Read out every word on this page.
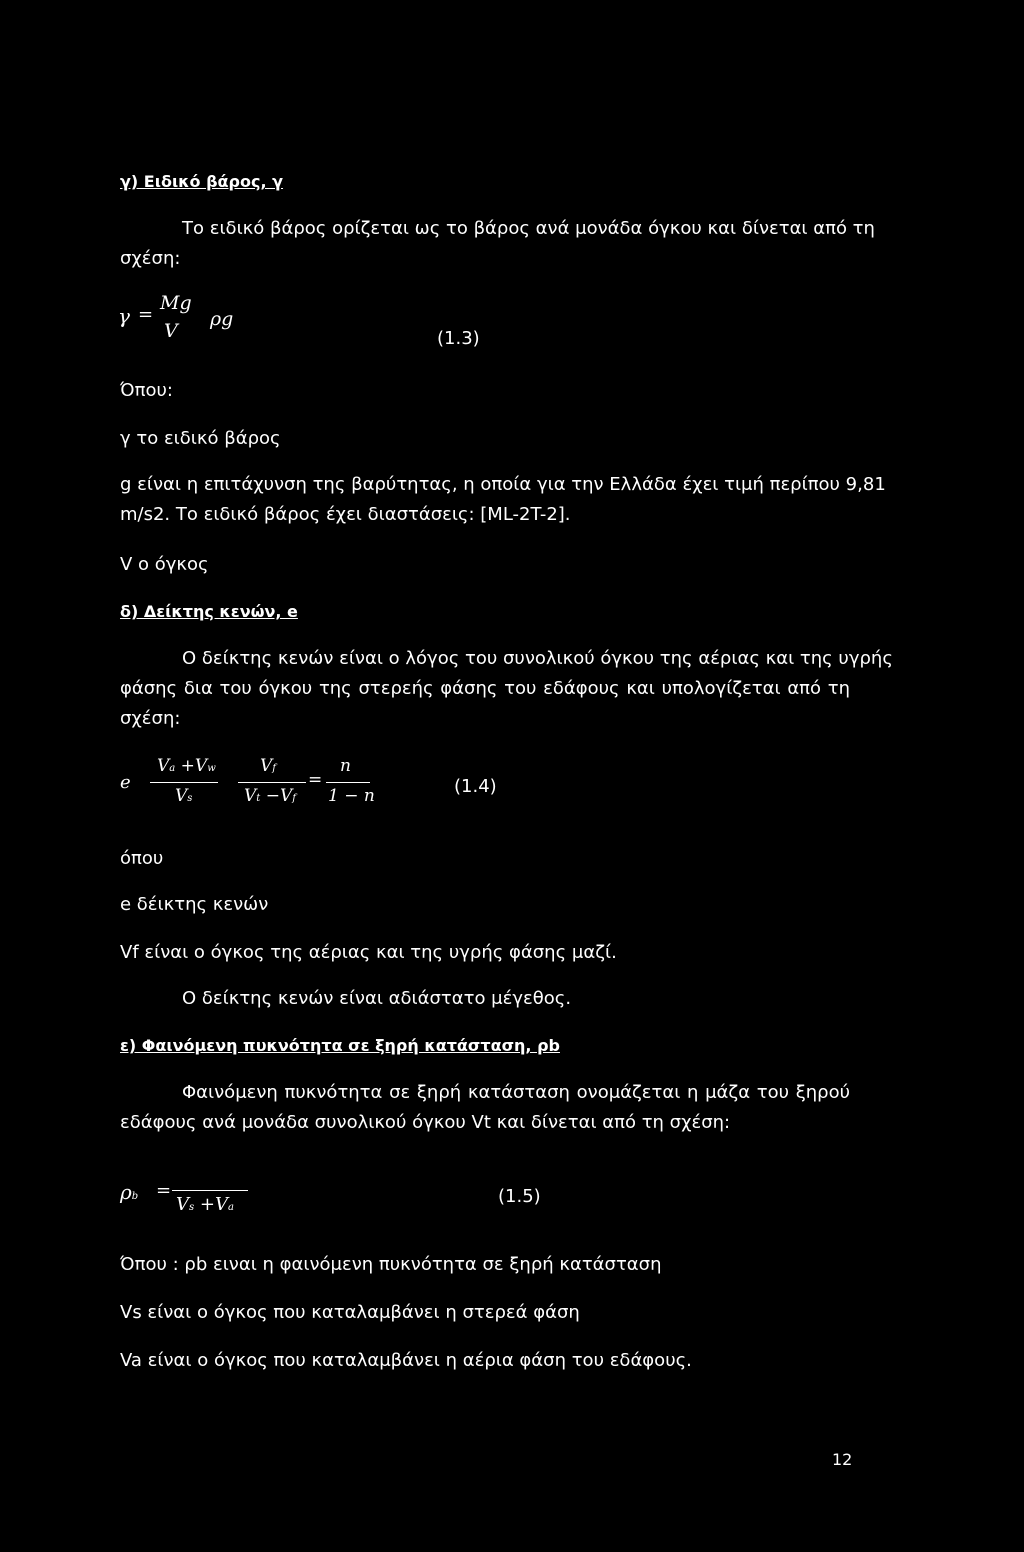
γ) Ειδικό βάρος, γ
Το ειδικό βάρος ορίζεται ως το βάρος ανά μονάδα όγκου και δίνεται από τη
σχέση:
γ =
Mg
V
ρg
(1.3)
Όπου:
γ το ειδικό βάρος
g είναι η επιτάχυνση της βαρύτητας, η οποία για την Ελλάδα έχει τιμή περίπου 9,81
m/s2. Το ειδικό βάρος έχει διαστάσεις: [ML-2T-2].
V ο όγκος
δ) Δείκτης κενών, e
Ο δείκτης κενών είναι ο λόγος του συνολικού όγκου της αέριας και της υγρής
φάσης δια του όγκου της στερεής φάσης του εδάφους και υπολογίζεται από τη
σχέση:
e
Va +Vw
Vs
Vf
Vt −Vf
=
n
1 − n	(1.4)
όπου
e δέικτης κενών
Vf είναι ο όγκος της αέριας και της υγρής φάσης μαζί.
Ο δείκτης κενών είναι αδιάστατο μέγεθος.
ε) Φαινόμενη πυκνότητα σε ξηρή κατάσταση, ρb
Φαινόμενη πυκνότητα σε ξηρή κατάσταση ονομάζεται η μάζα του ξηρού
εδάφους ανά μονάδα συνολικού όγκου Vt και δίνεται από τη σχέση:
ρb =
Vs +Va
(1.5)
Όπου : ρb ειναι η φαινόμενη πυκνότητα σε ξηρή κατάσταση
Vs είναι ο όγκος που καταλαμβάνει η στερεά φάση
Va είναι ο όγκος που καταλαμβάνει η αέρια φάση του εδάφους.
12
